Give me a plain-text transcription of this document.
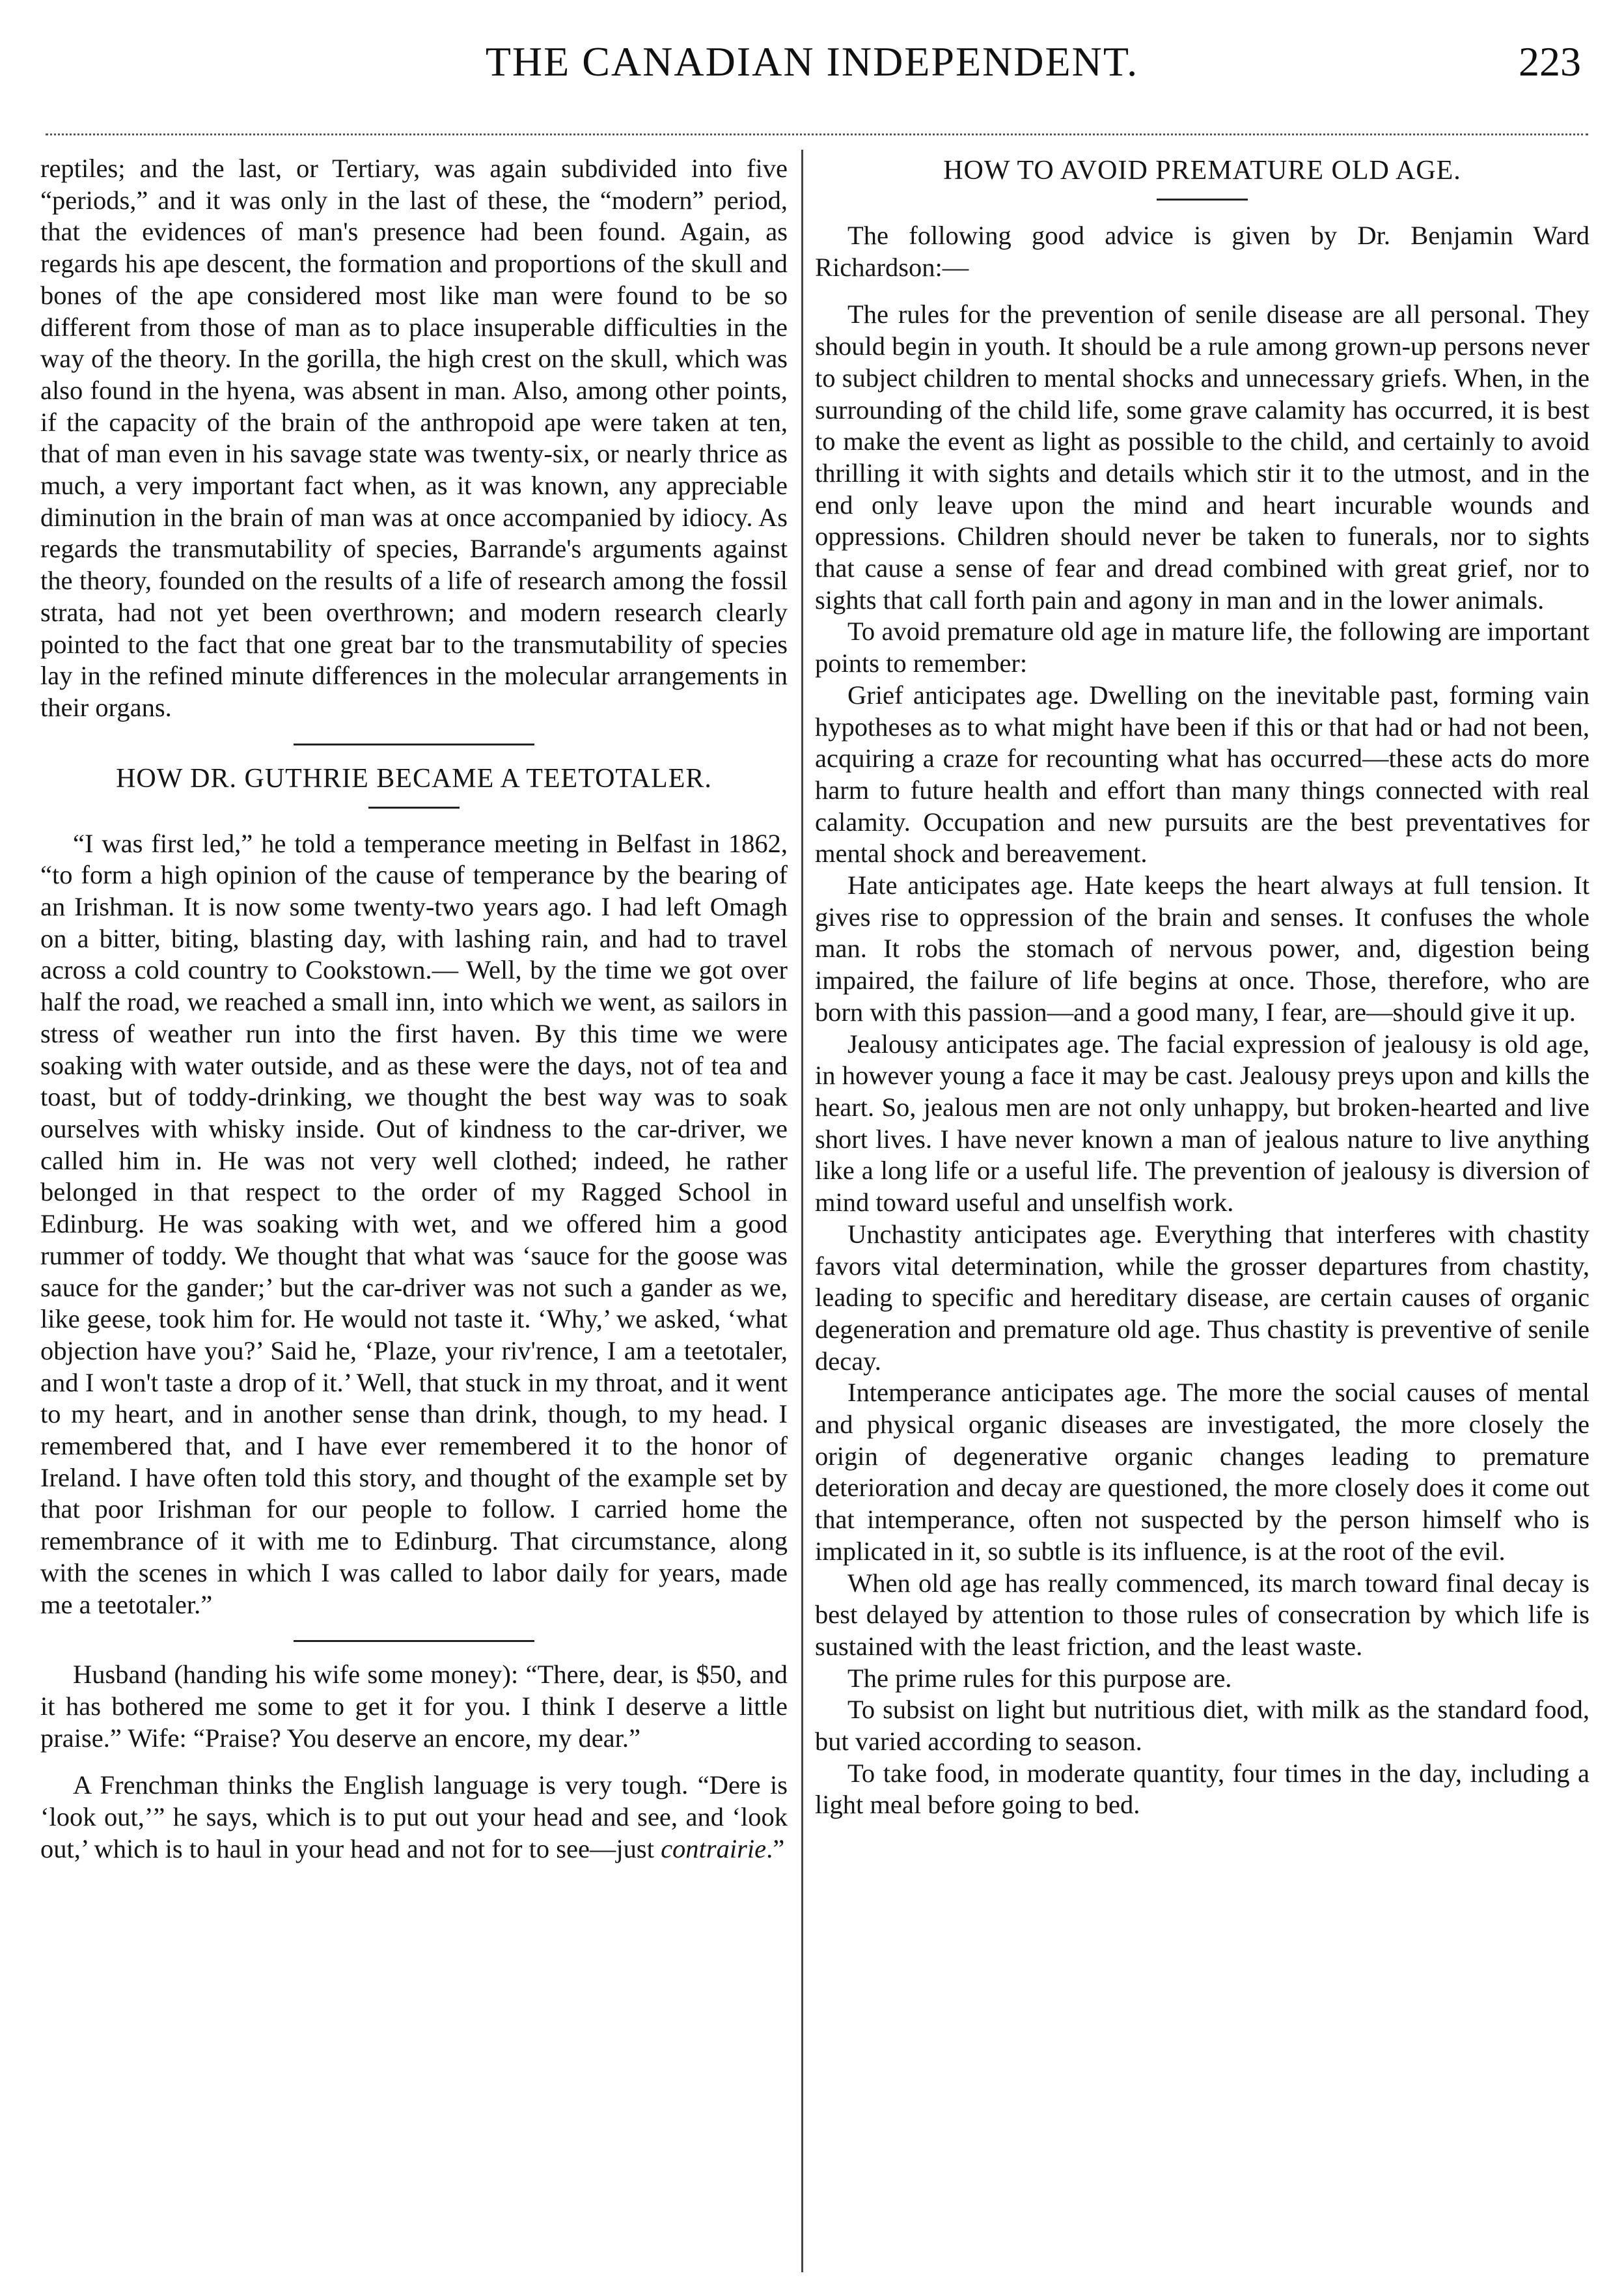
THE CANADIAN INDEPENDENT.	223

reptiles; and the last, or Tertiary, was again subdivided into five “periods,” and it was only in the last of these, the “modern” period, that the evidences of man's presence had been found. Again, as regards his ape descent, the formation and proportions of the skull and bones of the ape considered most like man were found to be so different from those of man as to place insuperable difficulties in the way of the theory. In the gorilla, the high crest on the skull, which was also found in the hyena, was absent in man. Also, among other points, if the capacity of the brain of the anthropoid ape were taken at ten, that of man even in his savage state was twenty-six, or nearly thrice as much, a very important fact when, as it was known, any appreciable diminution in the brain of man was at once accompanied by idiocy. As regards the transmutability of species, Barrande's arguments against the theory, founded on the results of a life of research among the fossil strata, had not yet been overthrown; and modern research clearly pointed to the fact that one great bar to the transmutability of species lay in the refined minute differences in the molecular arrangements in their organs.

HOW DR. GUTHRIE BECAME A TEETOTALER.

“I was first led,” he told a temperance meeting in Belfast in 1862, “to form a high opinion of the cause of temperance by the bearing of an Irishman. It is now some twenty-two years ago. I had left Omagh on a bitter, biting, blasting day, with lashing rain, and had to travel across a cold country to Cookstown.— Well, by the time we got over half the road, we reached a small inn, into which we went, as sailors in stress of weather run into the first haven. By this time we were soaking with water outside, and as these were the days, not of tea and toast, but of toddy-drinking, we thought the best way was to soak ourselves with whisky inside. Out of kindness to the car-driver, we called him in. He was not very well clothed; indeed, he rather belonged in that respect to the order of my Ragged School in Edinburg. He was soaking with wet, and we offered him a good rummer of toddy. We thought that what was ‘sauce for the goose was sauce for the gander;’ but the car-driver was not such a gander as we, like geese, took him for. He would not taste it. ‘Why,’ we asked, ‘what objection have you?’ Said he, ‘Plaze, your riv'rence, I am a teetotaler, and I won't taste a drop of it.’ Well, that stuck in my throat, and it went to my heart, and in another sense than drink, though, to my head. I remembered that, and I have ever remembered it to the honor of Ireland. I have often told this story, and thought of the example set by that poor Irishman for our people to follow. I carried home the remembrance of it with me to Edinburg. That circumstance, along with the scenes in which I was called to labor daily for years, made me a teetotaler.”

Husband (handing his wife some money): “There, dear, is $50, and it has bothered me some to get it for you. I think I deserve a little praise.” Wife: “Praise? You deserve an encore, my dear.”

A Frenchman thinks the English language is very tough. “Dere is ‘look out,’” he says, which is to put out your head and see, and ‘look out,’ which is to haul in your head and not for to see—just contrairie.”

HOW TO AVOID PREMATURE OLD AGE.

The following good advice is given by Dr. Benjamin Ward Richardson:—

The rules for the prevention of senile disease are all personal. They should begin in youth. It should be a rule among grown-up persons never to subject children to mental shocks and unnecessary griefs. When, in the surrounding of the child life, some grave calamity has occurred, it is best to make the event as light as possible to the child, and certainly to avoid thrilling it with sights and details which stir it to the utmost, and in the end only leave upon the mind and heart incurable wounds and oppressions. Children should never be taken to funerals, nor to sights that cause a sense of fear and dread combined with great grief, nor to sights that call forth pain and agony in man and in the lower animals.

To avoid premature old age in mature life, the following are important points to remember:

Grief anticipates age. Dwelling on the inevitable past, forming vain hypotheses as to what might have been if this or that had or had not been, acquiring a craze for recounting what has occurred—these acts do more harm to future health and effort than many things connected with real calamity. Occupation and new pursuits are the best preventatives for mental shock and bereavement.

Hate anticipates age. Hate keeps the heart always at full tension. It gives rise to oppression of the brain and senses. It confuses the whole man. It robs the stomach of nervous power, and, digestion being impaired, the failure of life begins at once. Those, therefore, who are born with this passion—and a good many, I fear, are—should give it up.

Jealousy anticipates age. The facial expression of jealousy is old age, in however young a face it may be cast. Jealousy preys upon and kills the heart. So, jealous men are not only unhappy, but broken-hearted and live short lives. I have never known a man of jealous nature to live anything like a long life or a useful life. The prevention of jealousy is diversion of mind toward useful and unselfish work.

Unchastity anticipates age. Everything that interferes with chastity favors vital determination, while the grosser departures from chastity, leading to specific and hereditary disease, are certain causes of organic degeneration and premature old age. Thus chastity is preventive of senile decay.

Intemperance anticipates age. The more the social causes of mental and physical organic diseases are investigated, the more closely the origin of degenerative organic changes leading to premature deterioration and decay are questioned, the more closely does it come out that intemperance, often not suspected by the person himself who is implicated in it, so subtle is its influence, is at the root of the evil.

When old age has really commenced, its march toward final decay is best delayed by attention to those rules of consecration by which life is sustained with the least friction, and the least waste.

The prime rules for this purpose are.

To subsist on light but nutritious diet, with milk as the standard food, but varied according to season.

To take food, in moderate quantity, four times in the day, including a light meal before going to bed.
